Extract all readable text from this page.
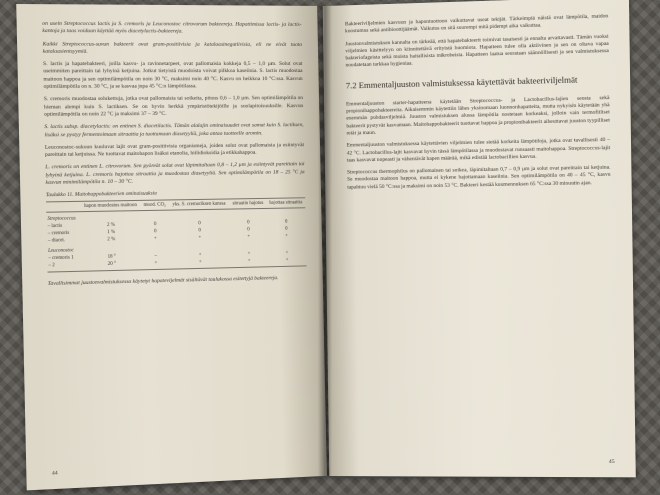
on usein Streptococcus lactis ja S. cremoris ja Leuconostoc citrovorum bakteereja. Hapattimissa lactis- ja lactis-kantoja ja taas voidaan käyttää myös diacetylactis-bakteereja.

Kaikki Streptococcus-suvun bakteerit ovat gram-positiivisia ja katalaasinegatiivisia, eli ne eivät tuota katalaasientsyymiä.

S. lactis ja hapatebakteeri, joilla kasvu- ja ravinnetarpeet, ovat pallomaisia kokkeja 0,5 – 1,0 µm. Solut ovat useimmiten pareittain tai lyhyinä ketjuina. Jotkut tietyistä muodoista voivat pilkkoa kaseiinia. S. lactis muodostaa maitoon happoa ja sen optimilämpötila on noin 30 °C, maksimi noin 40 °C. Kasvu on heikkoa 10 °C:ssa. Kasvun optimilämpötila on n. 30 °C, ja se kasvaa jopa 45 °C:n lämpötilassa.

S. cremoris muodostaa solukettuja, jotka ovat pallomaisia tai soikeita, pituus 0,6 – 1,0 µm. Sen optimilämpötila on hieman alempi kuin S. lactiksen. Se on hyvin herkkä ympäristötekijöille ja suolapitoisuuksille. Kasvun optimilämpötila on noin 22 °C ja maksimi 37 – 39 °C.

S. lactis subsp. diacetylactis: on entinen S. diacetilactis. Tämän alalajin ominaisuudet ovat samat kuin S. lactiksen, lisäksi se pystyy fermentoimaan sitraattia ja tuottamaan diasetyyliä, joka antaa tuotteelle aromin.

Leuconostoc-sukuun kuuluvat lajit ovat gram-positiivisia organismeja, joiden solut ovat pallomaisia ja esiintyvät pareittain tai ketjuissa. Ne tuottavat maitohapon lisäksi etanolia, hiilidioksidia ja etikkahappoa.

L. cremoris on entinen L. citrovorum. Sen pyöreät solut ovat läpimitaltaan 0,8 – 1,2 µm ja esiintyvät pareittain tai lyhyinä ketjuina. L. cremoris hajottaa sitraattia ja muodostaa diasetyyliä. Sen optimilämpötila on 18 – 25 °C ja kasvun minimilämpötila n. 10 – 30 °C.

Taulukko 11. Maitohappobakteerien ominaisuuksia
	hapon muodostus maitoon	muod. CO₂	yks. S. cremoriksen kanssa	sitraatin hajotus	hajottaa sitraattia
Streptococcus					
– lactis	2 %	0	0	0	0
– cremoris	1 %	0	0	0	0
– diacet.	2 %	+	+	+	+
Leuconostoc					
– cremoris 1	18 °	–	+	+	+
– 2	20 °	+	+	+	+

Tavallisimmat juustonvalmistuksessa käytetyt hapatevijelmät sisältävät taulukossa esitettyjä bakteereja.

44

Bakteeriviljelmien kasvuun ja hapontuottoon vaikuttavat useat tekijät. Tärkeimpiä näistä ovat lämpötila, maidon koostumus sekä antibioottijäämät. Vaikutus on sitä suurempi mitä pidempi aika vaikuttaa.

Juustonvalmistuksen kannalta on tärkeää, että hapatebakteerit toimivat tasaisesti ja ennalta arvattavasti. Tämän vuoksi viljelmien käsittelyyn on kiinnitettävä erityistä huomiota. Hapatteen tulee olla aktiivinen ja sen on oltava vapaa bakteriofageista sekä muista haitallisista mikrobeista. Hapatteen laatua seurataan säännöllisesti ja sen valmistuksessa noudatetaan tarkkaa hygieniaa.

7.2 Emmentaljuuston valmistuksessa käytettävät bakteeriviljelmät

Emmentaljuuston starter-hapatteena käytetään Streptococcus- ja Lactobacillus-lajien seosta sekä propionihappobakteereita. Aikaisemmin käytettiin lähes yksinomaan luonnonhapatteita, mutta nykyisin käytetään yhä enemmän puhdasviljelmiä. Juuston valmistuksen alussa lämpötila nostetaan korkeaksi, jolloin vain termofiiliset bakteerit pystyvät kasvamaan. Maitohappobakteerit tuottavat happoa ja propionibakteerit aiheuttavat juuston tyypilliset reiät ja maun.

Emmentaljuuston valmistuksessa käytettävien viljelmien tulee sietää korkeita lämpötiloja, jotka ovat tavallisesti 40 – 42 °C. Lactobacillus-lajit kasvavat hyvin tässä lämpötilassa ja muodostavat runsaasti maitohappoa. Streptococcus-lajit taas kasvavat nopeasti ja vähentävät hapen määrää, mikä edistää lactobacillien kasvua.

Streptococcus thermophilus on pallomainen tai soikea, läpimitaltaan 0,7 – 0,9 µm ja solut ovat pareittain tai ketjuina. Se muodostaa maitoon happoa, mutta ei kykene hajottamaan kaseiinia. Sen optimilämpötila on 40 – 45 °C, kasvu tapahtuu vielä 50 °C:ssa ja maksimi on noin 53 °C. Bakteeri kestää kuumennuksen 65 °C:ssa 30 minuutin ajan.

45
